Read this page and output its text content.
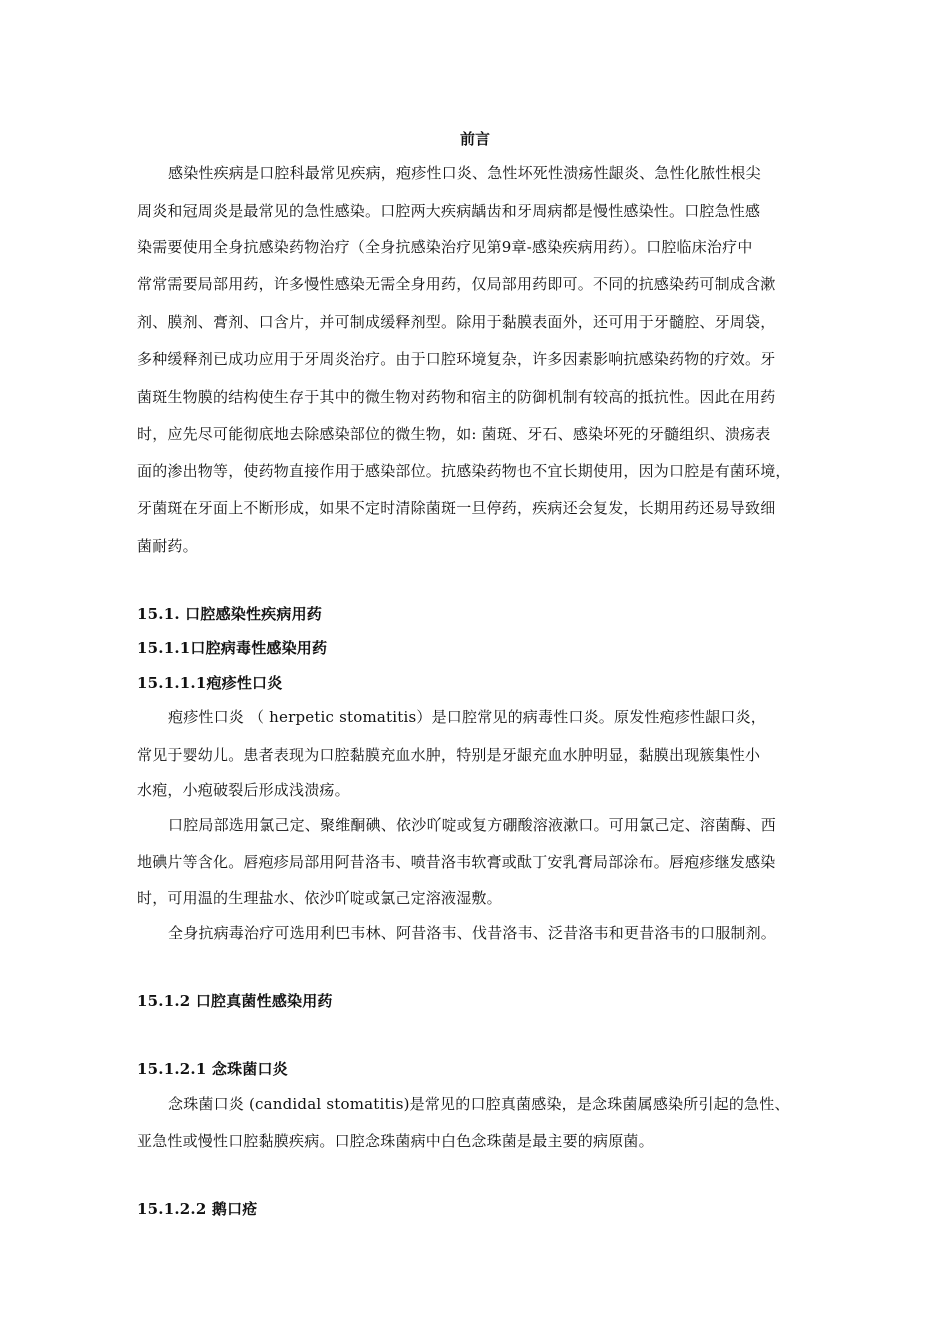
前言
感染性疾病是口腔科最常见疾病，疱疹性口炎、急性坏死性溃疡性龈炎、急性化脓性根尖
周炎和冠周炎是最常见的急性感染。口腔两大疾病龋齿和牙周病都是慢性感染性。口腔急性感
染需要使用全身抗感染药物治疗（全身抗感染治疗见第9章-感染疾病用药）。口腔临床治疗中
常常需要局部用药，许多慢性感染无需全身用药，仅局部用药即可。不同的抗感染药可制成含漱
剂、膜剂、膏剂、口含片，并可制成缓释剂型。除用于黏膜表面外，还可用于牙髓腔、牙周袋，
多种缓释剂已成功应用于牙周炎治疗。由于口腔环境复杂，许多因素影响抗感染药物的疗效。牙
菌斑生物膜的结构使生存于其中的微生物对药物和宿主的防御机制有较高的抵抗性。因此在用药
时，应先尽可能彻底地去除感染部位的微生物，如: 菌斑、牙石、感染坏死的牙髓组织、溃疡表
面的渗出物等，使药物直接作用于感染部位。抗感染药物也不宜长期使用，因为口腔是有菌环境，
牙菌斑在牙面上不断形成，如果不定时清除菌斑一旦停药，疾病还会复发，长期用药还易导致细
菌耐药。
15.1. 口腔感染性疾病用药
15.1.1口腔病毒性感染用药
15.1.1.1疱疹性口炎
疱疹性口炎 （ herpetic stomatitis）是口腔常见的病毒性口炎。原发性疱疹性龈口炎，
常见于婴幼儿。患者表现为口腔黏膜充血水肿，特别是牙龈充血水肿明显，黏膜出现簇集性小
水疱，小疱破裂后形成浅溃疡。
口腔局部选用氯己定、聚维酮碘、依沙吖啶或复方硼酸溶液漱口。可用氯己定、溶菌酶、西
地碘片等含化。唇疱疹局部用阿昔洛韦、喷昔洛韦软膏或酞丁安乳膏局部涂布。唇疱疹继发感染
时，可用温的生理盐水、依沙吖啶或氯己定溶液湿敷。
全身抗病毒治疗可选用利巴韦林、阿昔洛韦、伐昔洛韦、泛昔洛韦和更昔洛韦的口服制剂。
15.1.2 口腔真菌性感染用药
15.1.2.1 念珠菌口炎
念珠菌口炎 (candidal stomatitis)是常见的口腔真菌感染，是念珠菌属感染所引起的急性、
亚急性或慢性口腔黏膜疾病。口腔念珠菌病中白色念珠菌是最主要的病原菌。
15.1.2.2 鹅口疮
